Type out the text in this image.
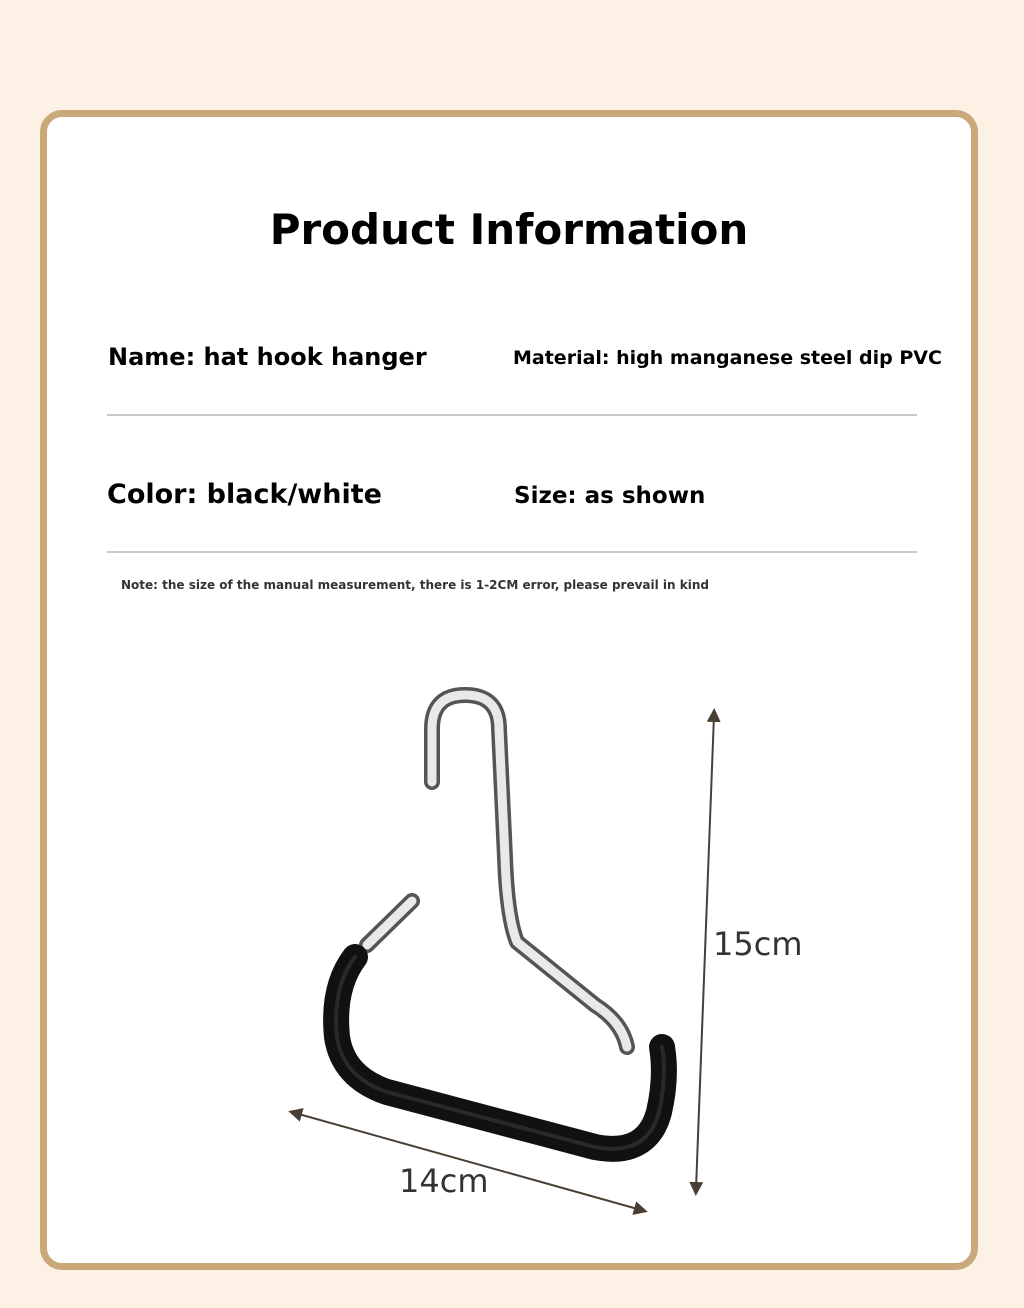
Product Information
Name: hat hook hanger	Material: high manganese steel dip PVC
Color: black/white	Size: as shown
Note: the size of the manual measurement, there is 1-2CM error, please prevail in kind
15cm
14cm
